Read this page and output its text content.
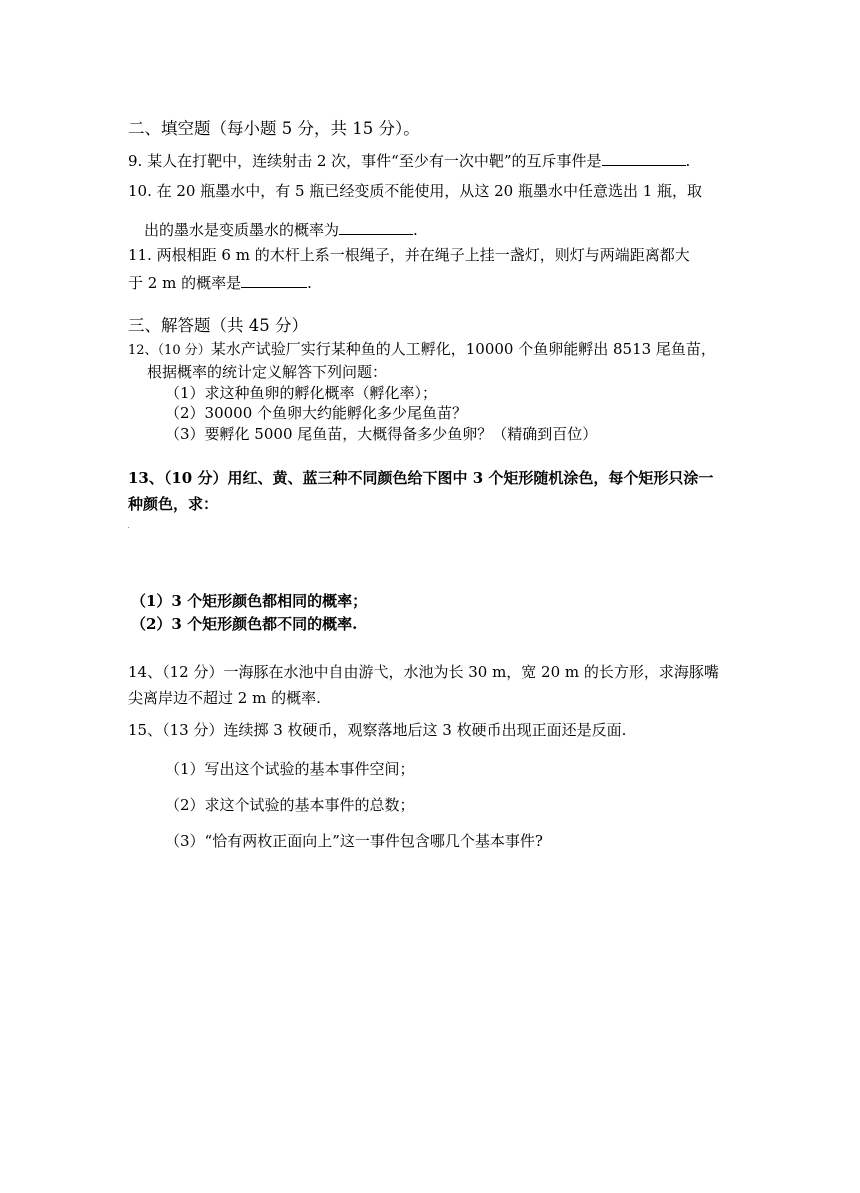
二、填空题（每小题 5 分，共 15 分）。
9. 某人在打靶中，连续射击 2 次，事件“至少有一次中靶”的互斥事件是	.
10. 在 20 瓶墨水中，有 5 瓶已经变质不能使用，从这 20 瓶墨水中任意选出 1 瓶，取
出的墨水是变质墨水的概率为	.
11. 两根相距 6 m 的木杆上系一根绳子，并在绳子上挂一盏灯，则灯与两端距离都大
于 2 m 的概率是	.
三、解答题（共 45 分）
12、（10 分）某水产试验厂实行某种鱼的人工孵化，10000 个鱼卵能孵出 8513 尾鱼苗，
根据概率的统计定义解答下列问题：
（1）求这种鱼卵的孵化概率（孵化率）；
（2）30000 个鱼卵大约能孵化多少尾鱼苗？
（3）要孵化 5000 尾鱼苗，大概得备多少鱼卵？（精确到百位）
13、（10 分）用红、黄、蓝三种不同颜色给下图中 3 个矩形随机涂色，每个矩形只涂一
种颜色，求：
（1）3 个矩形颜色都相同的概率；
（2）3 个矩形颜色都不同的概率.
14、（12 分）一海豚在水池中自由游弋，水池为长 30 m，宽 20 m 的长方形，求海豚嘴
尖离岸边不超过 2 m 的概率.
15、（13 分）连续掷 3 枚硬币，观察落地后这 3 枚硬币出现正面还是反面.
（1）写出这个试验的基本事件空间；
（2）求这个试验的基本事件的总数；
（3）“恰有两枚正面向上”这一事件包含哪几个基本事件?
